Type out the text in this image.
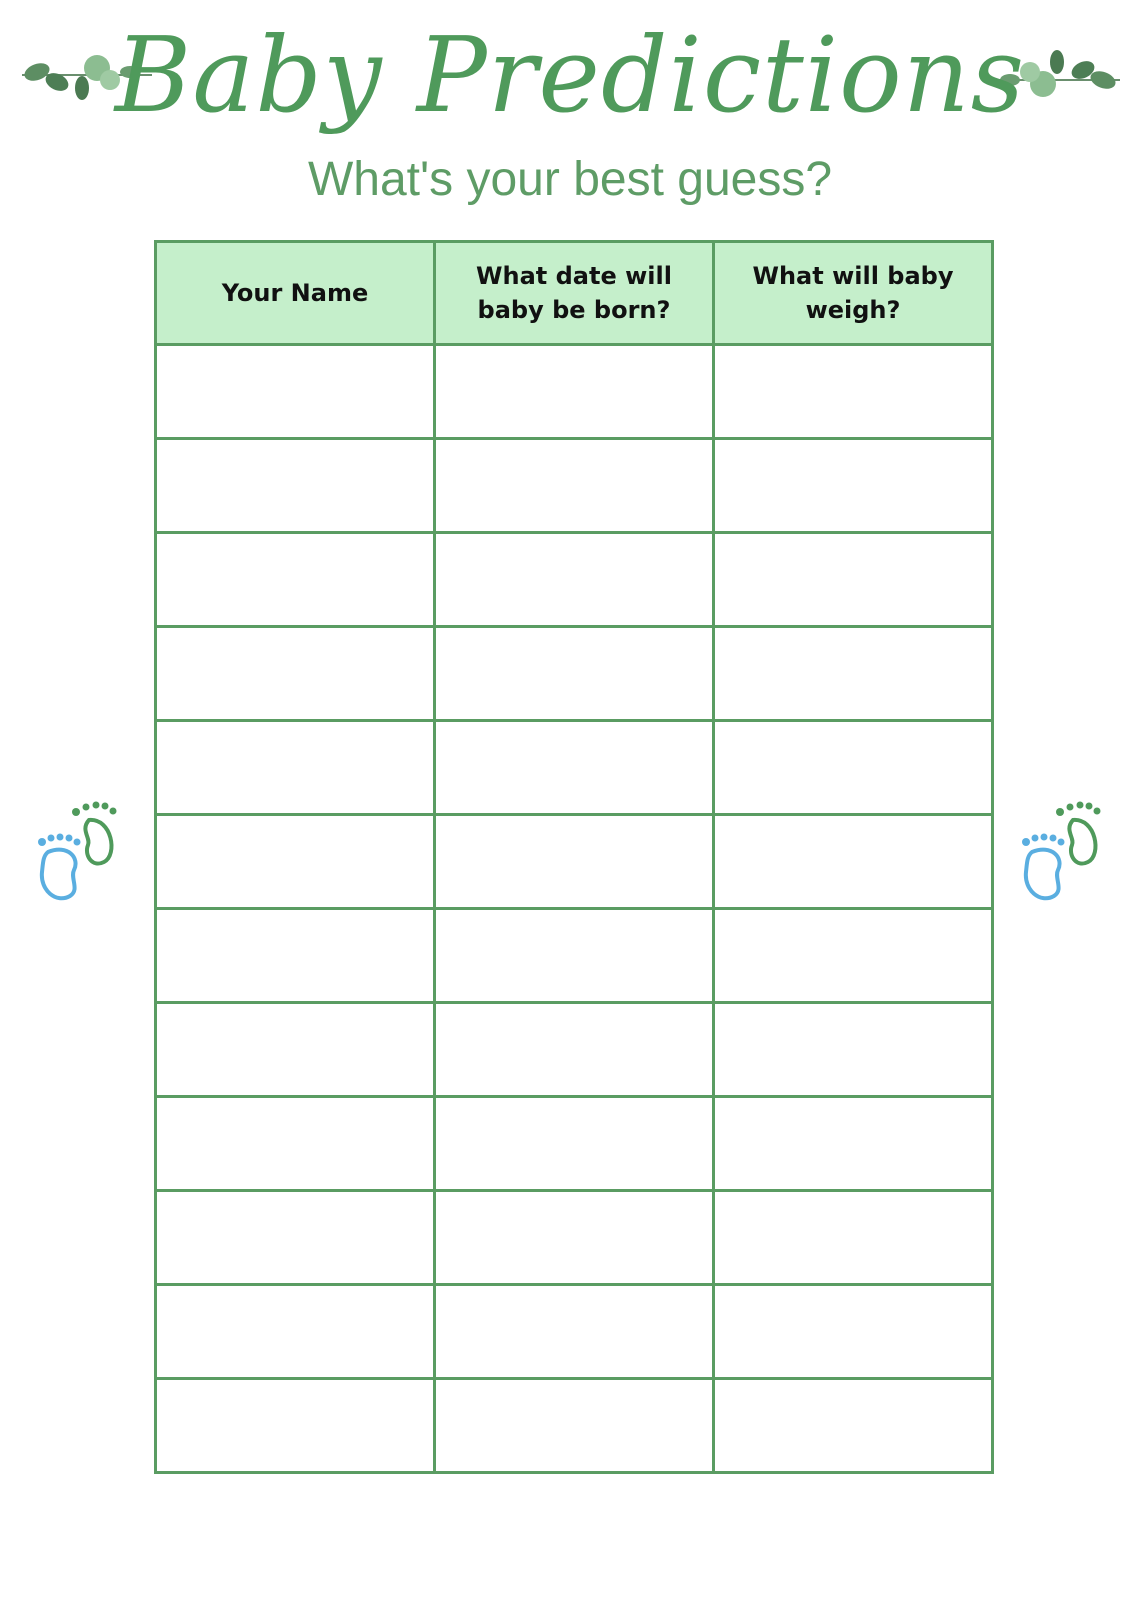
Baby Predictions
What's your best guess?
Your Name	What date will baby be born?	What will baby weigh?
